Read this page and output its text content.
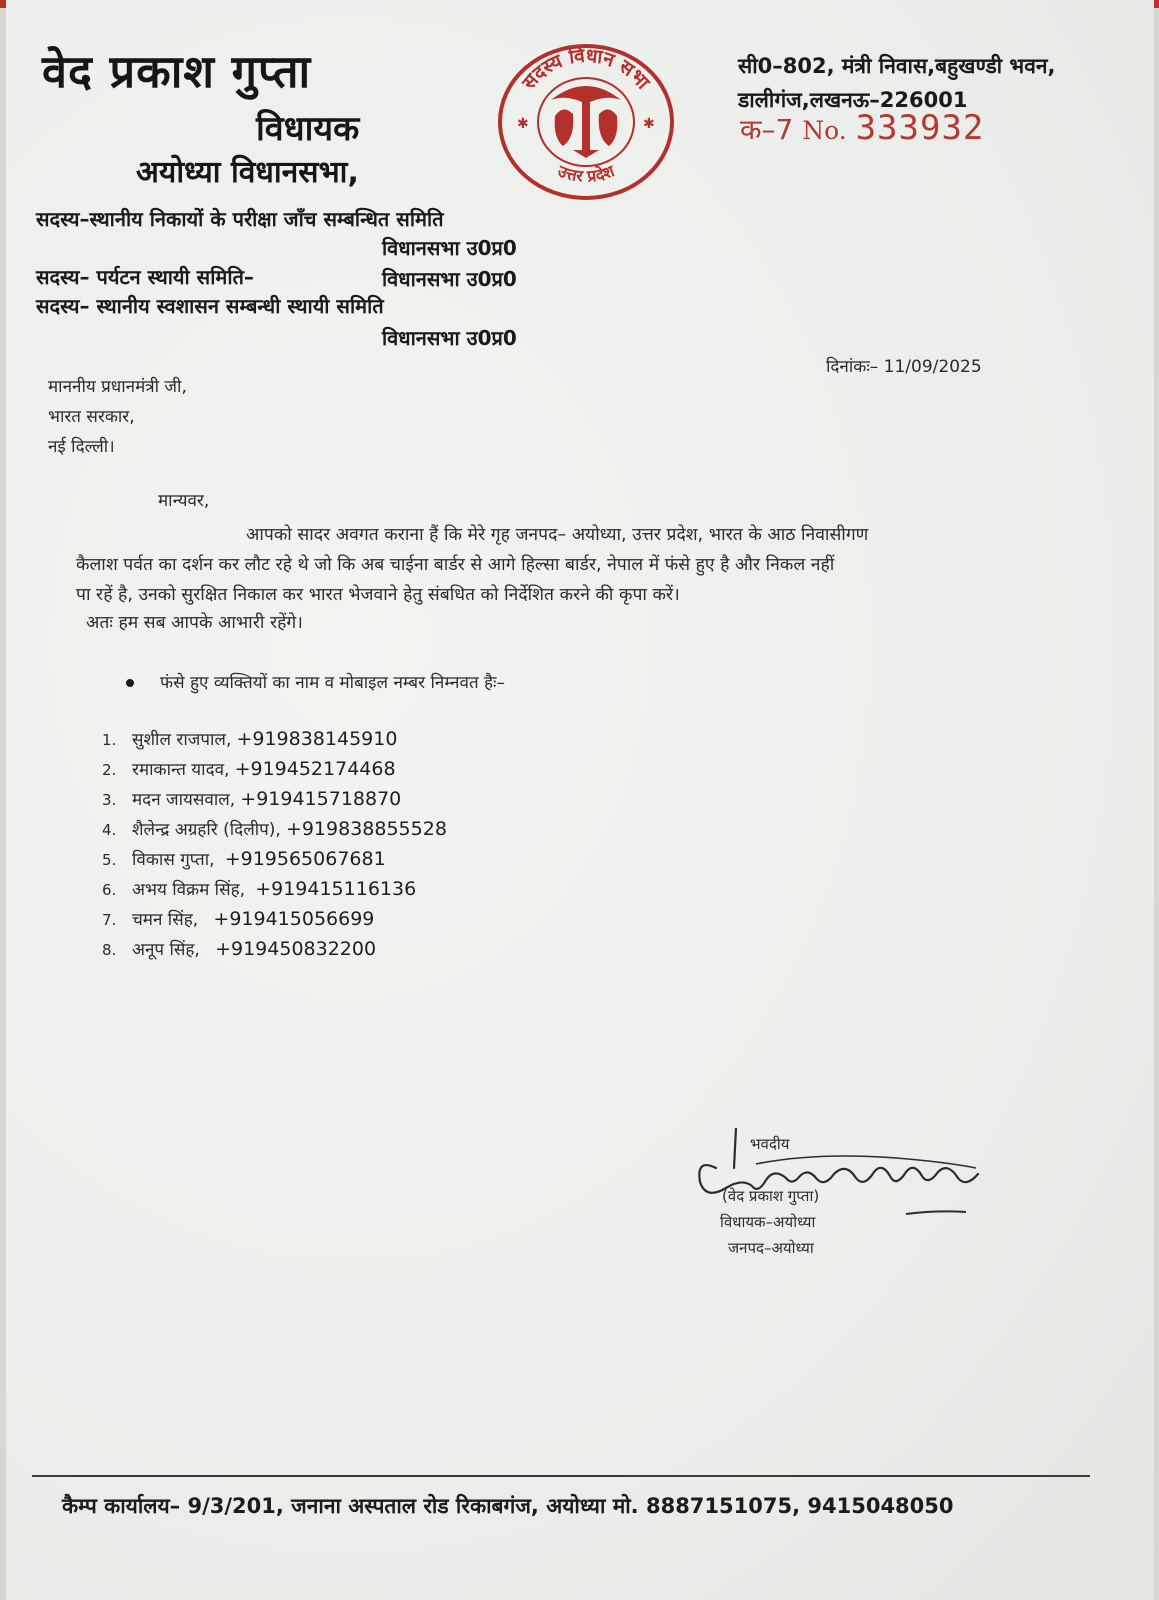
वेद प्रकाश गुप्ता
विधायक
अयोध्या विधानसभा,
सदस्य–स्थानीय निकायों के परीक्षा जाँच सम्बन्धित समिति
विधानसभा उ0प्र0
सदस्य– पर्यटन स्थायी समिति–	विधानसभा उ0प्र0
सदस्य– स्थानीय स्वशासन सम्बन्धी स्थायी समिति
विधानसभा उ0प्र0
सदस्य विधान सभा
उत्तर प्रदेश
✱	✱
सी0–802, मंत्री निवास,बहुखण्डी भवन,
डालीगंज,लखनऊ–226001
क–7 No. 333932
दिनांकः– 11/09/2025
माननीय प्रधानमंत्री जी,
भारत सरकार,
नई दिल्ली।
मान्यवर,
आपको सादर अवगत कराना हैं कि मेरे गृह जनपद– अयोध्या, उत्तर प्रदेश, भारत के आठ निवासीगण
कैलाश पर्वत का दर्शन कर लौट रहे थे जो कि अब चाईना बार्डर से आगे हिल्सा बार्डर, नेपाल में फंसे हुए है और निकल नहीं
पा रहें है, उनको सुरक्षित निकाल कर भारत भेजवाने हेतु संबधित को निर्देशित करने की कृपा करें।
अतः हम सब आपके आभारी रहेंगे।
फंसे हुए व्यक्तियों का नाम व मोबाइल नम्बर निम्नवत हैः–
1. सुशील राजपाल, +919838145910
2. रमाकान्त यादव, +919452174468
3. मदन जायसवाल, +919415718870
4. शैलेन्द्र अग्रहरि (दिलीप), +919838855528
5. विकास गुप्ता, +919565067681
6. अभय विक्रम सिंह, +919415116136
7. चमन सिंह, +919415056699
8. अनूप सिंह, +919450832200
भवदीय
(वेद प्रकाश गुप्ता)
विधायक–अयोध्या
जनपद–अयोध्या
कैम्प कार्यालय– 9/3/201, जनाना अस्पताल रोड रिकाबगंज, अयोध्या मो. 8887151075, 9415048050
